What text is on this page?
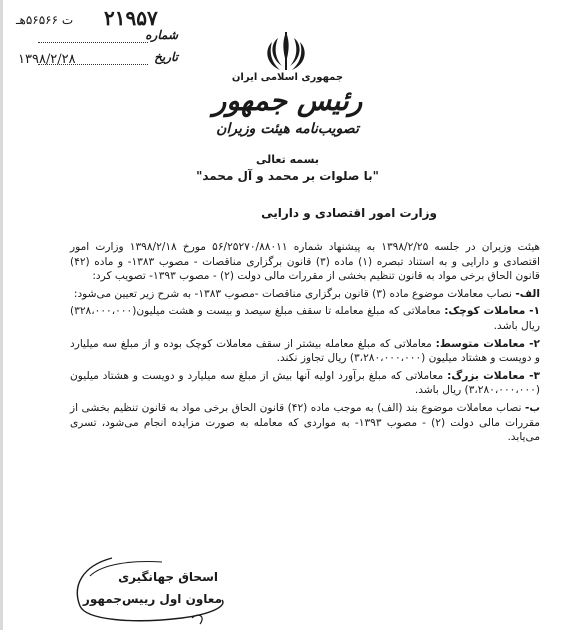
ت ۵۶۵۶۶هـ ۲۱۹۵۷
شماره
۱۳۹۸/۲/۲۸	تاریخ
جمهوری اسلامی ایران
رئیس جمهور
تصویب‌نامه هیئت وزیران
بسمه تعالی
"با صلوات بر محمد و آل محمد"
وزارت امور اقتصادی و دارایی

هیئت وزیران در جلسه ۱۳۹۸/۲/۲۵ به پیشنهاد شماره ۵۶/۲۵۲۷۰/۸۸۰۱۱ مورخ ۱۳۹۸/۲/۱۸ وزارت امور اقتصادی و دارایی و به استناد تبصره (۱) ماده (۳) قانون برگزاری مناقصات - مصوب ۱۳۸۳- و ماده (۴۲) قانون الحاق برخی مواد به قانون تنظیم بخشی از مقررات مالی دولت (۲) - مصوب ۱۳۹۳- تصویب کرد:

الف- نصاب معاملات موضوع ماده (۳) قانون برگزاری مناقصات -مصوب ۱۳۸۳- به شرح زیر تعیین می‌شود:

۱- معاملات کوچک: معاملاتی که مبلغ معامله تا سقف مبلغ سیصد و بیست و هشت میلیون(۳۲۸،۰۰۰،۰۰۰) ریال باشد.

۲- معاملات متوسط: معاملاتی که مبلغ معامله بیشتر از سقف معاملات کوچک بوده و از مبلغ سه میلیارد و دویست و هشتاد میلیون (۳،۲۸۰،۰۰۰،۰۰۰) ریال تجاوز نکند.

۳- معاملات بزرگ: معاملاتی که مبلغ برآورد اولیه آنها بیش از مبلغ سه میلیارد و دویست و هشتاد میلیون (۳،۲۸۰،۰۰۰،۰۰۰) ریال باشد.

ب- نصاب معاملات موضوع بند (الف) به موجب ماده (۴۲) قانون الحاق برخی مواد به قانون تنظیم بخشی از مقررات مالی دولت (۲) - مصوب ۱۳۹۳- به مواردی که معامله به صورت مزایده انجام می‌شود، تسری می‌یابد.

اسحاق جهانگیری
معاون اول رییس‌جمهور
